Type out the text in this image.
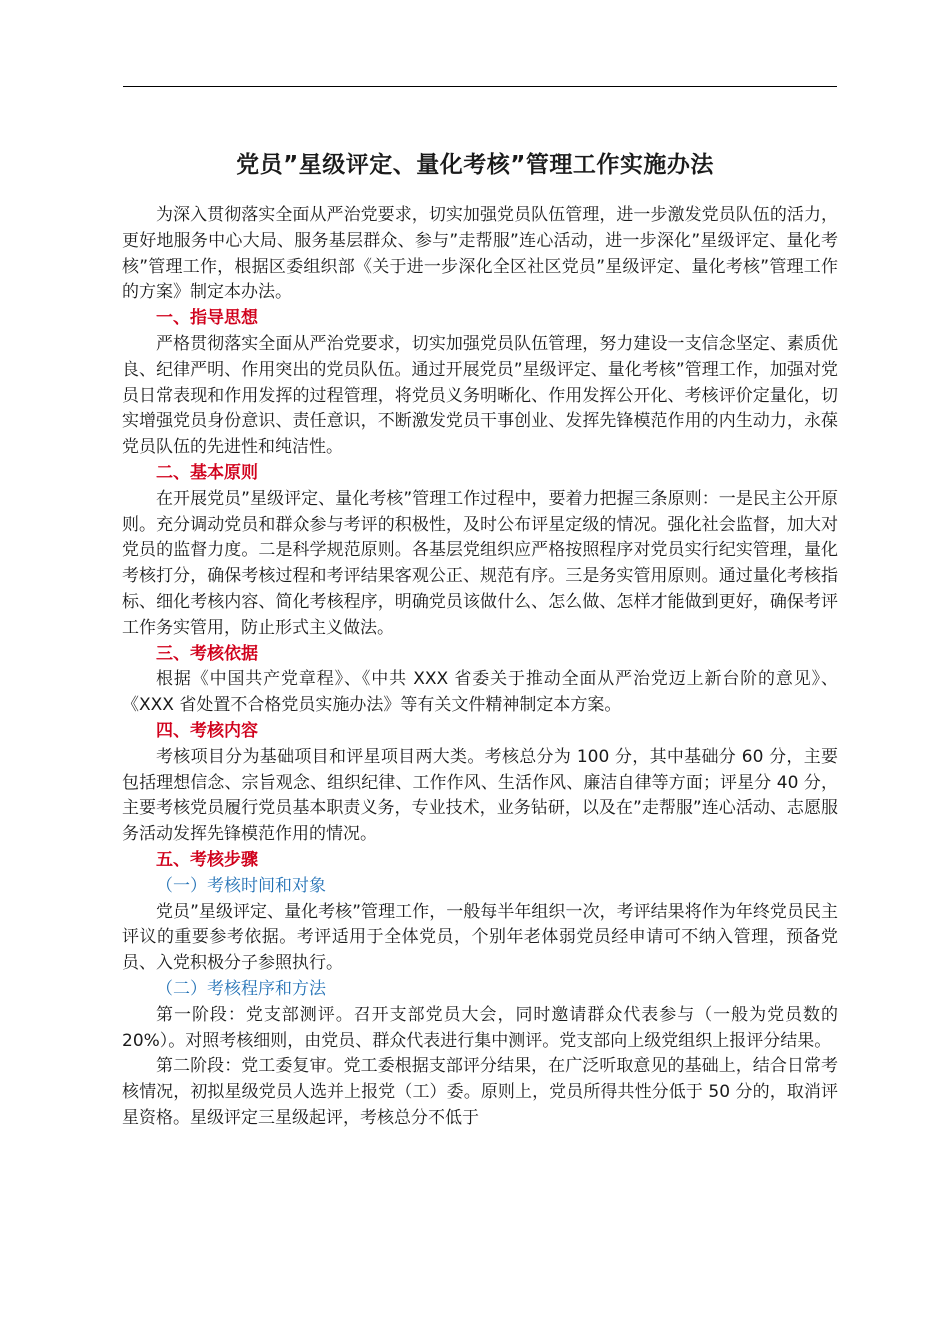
党员”星级评定、量化考核”管理工作实施办法

为深入贯彻落实全面从严治党要求，切实加强党员队伍管理，进一步激发党员队伍的活力，更好地服务中心大局、服务基层群众、参与”走帮服”连心活动，进一步深化”星级评定、量化考核”管理工作，根据区委组织部《关于进一步深化全区社区党员”星级评定、量化考核”管理工作的方案》制定本办法。

一、指导思想

严格贯彻落实全面从严治党要求，切实加强党员队伍管理，努力建设一支信念坚定、素质优良、纪律严明、作用突出的党员队伍。通过开展党员”星级评定、量化考核”管理工作，加强对党员日常表现和作用发挥的过程管理，将党员义务明晰化、作用发挥公开化、考核评价定量化，切实增强党员身份意识、责任意识，不断激发党员干事创业、发挥先锋模范作用的内生动力，永葆党员队伍的先进性和纯洁性。

二、基本原则

在开展党员”星级评定、量化考核”管理工作过程中，要着力把握三条原则：一是民主公开原则。充分调动党员和群众参与考评的积极性，及时公布评星定级的情况。强化社会监督，加大对党员的监督力度。二是科学规范原则。各基层党组织应严格按照程序对党员实行纪实管理，量化考核打分，确保考核过程和考评结果客观公正、规范有序。三是务实管用原则。通过量化考核指标、细化考核内容、简化考核程序，明确党员该做什么、怎么做、怎样才能做到更好，确保考评工作务实管用，防止形式主义做法。

三、考核依据

根据《中国共产党章程》、《中共 XXX 省委关于推动全面从严治党迈上新台阶的意见》、《XXX 省处置不合格党员实施办法》等有关文件精神制定本方案。

四、考核内容

考核项目分为基础项目和评星项目两大类。考核总分为 100 分，其中基础分 60 分，主要包括理想信念、宗旨观念、组织纪律、工作作风、生活作风、廉洁自律等方面；评星分 40 分，主要考核党员履行党员基本职责义务，专业技术，业务钻研，以及在”走帮服”连心活动、志愿服务活动发挥先锋模范作用的情况。

五、考核步骤
（一）考核时间和对象

党员”星级评定、量化考核”管理工作，一般每半年组织一次，考评结果将作为年终党员民主评议的重要参考依据。考评适用于全体党员，个别年老体弱党员经申请可不纳入管理，预备党员、入党积极分子参照执行。

（二）考核程序和方法

第一阶段：党支部测评。召开支部党员大会，同时邀请群众代表参与（一般为党员数的 20%）。对照考核细则，由党员、群众代表进行集中测评。党支部向上级党组织上报评分结果。

第二阶段：党工委复审。党工委根据支部评分结果，在广泛听取意见的基础上，结合日常考核情况，初拟星级党员人选并上报党（工）委。原则上，党员所得共性分低于 50 分的，取消评星资格。星级评定三星级起评，考核总分不低于
